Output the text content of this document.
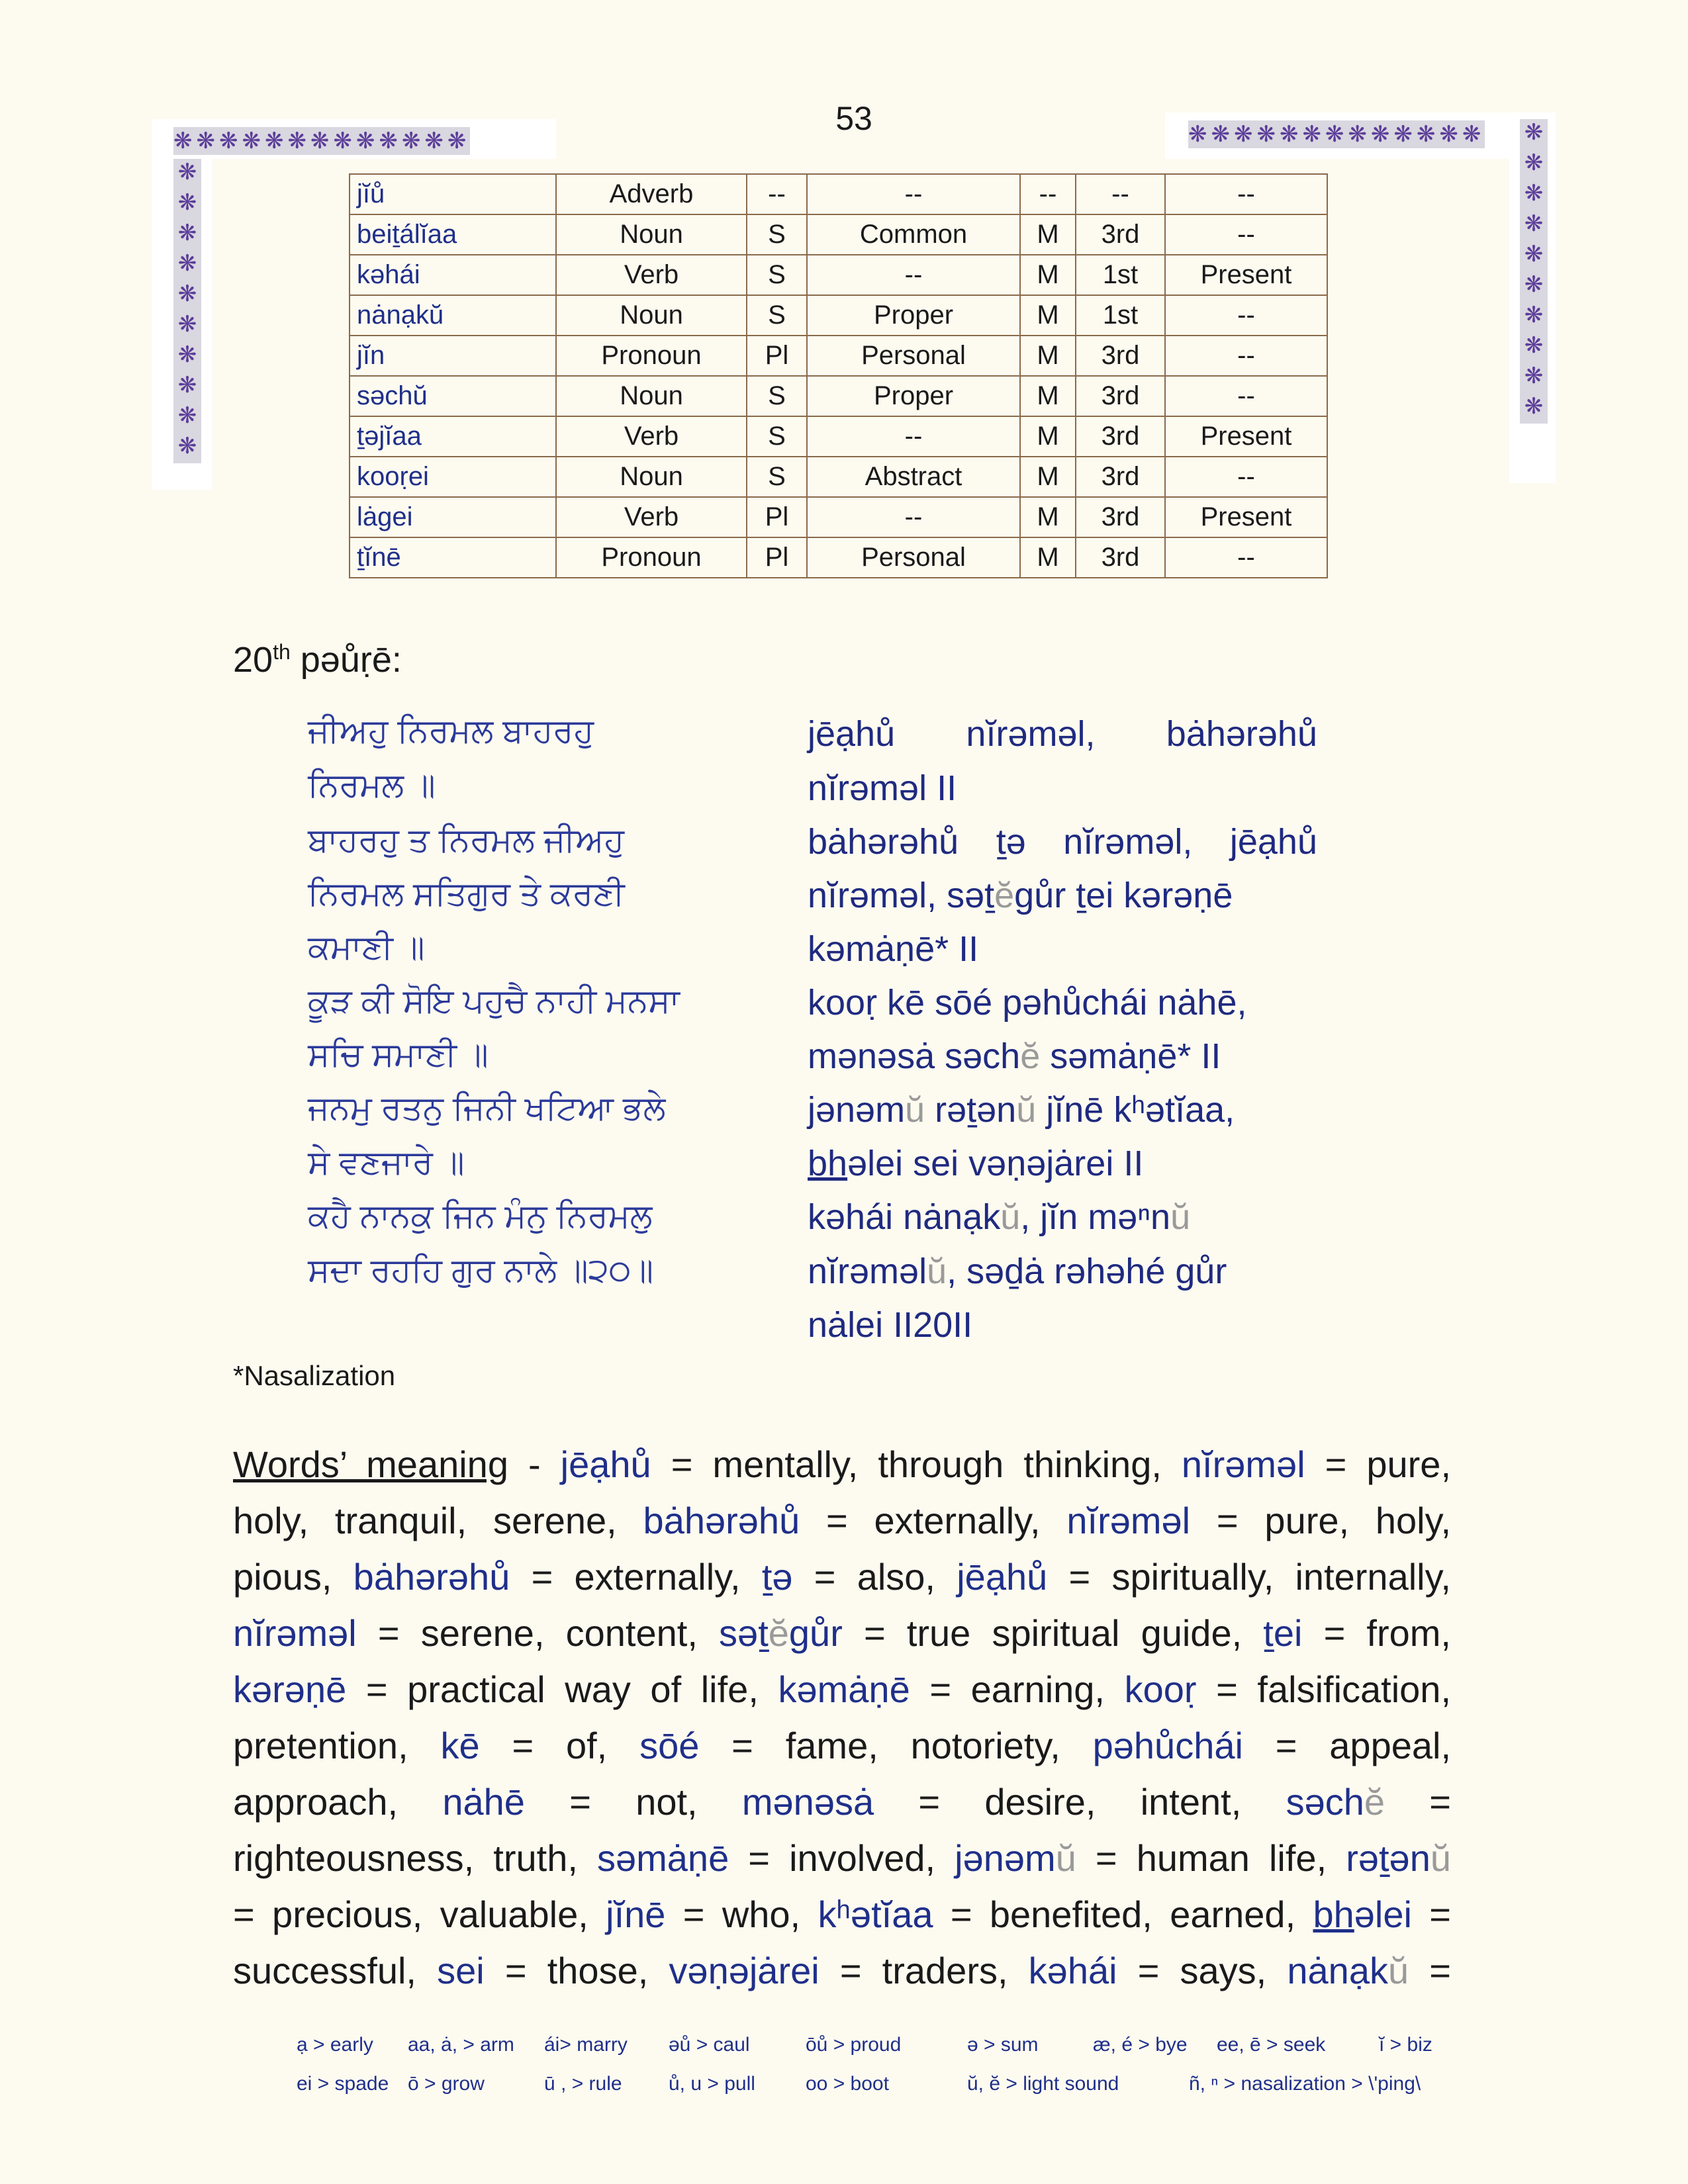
❋❋❋❋❋❋❋❋❋❋❋❋❋
❋❋❋❋❋❋❋❋❋❋
❋❋❋❋❋❋❋❋❋❋❋❋❋ ❋❋❋❋❋❋❋❋❋❋
53
jĭů	Adverb	--	--	--	--	--
beiṯálĭaa	Noun	S	Common	M	3rd	--
kəhái	Verb	S	--	M	1st	Present
nȧnạkŭ	Noun	S	Proper	M	1st	--
jĭn	Pronoun	Pl	Personal	M	3rd	--
səchŭ	Noun	S	Proper	M	3rd	--
ṯəjĭaa	Verb	S	--	M	3rd	Present
kooṛei	Noun	S	Abstract	M	3rd	--
lȧgei	Verb	Pl	--	M	3rd	Present
ṯĭnē	Pronoun	Pl	Personal	M	3rd	--
20th pəůṛē:
ਜੀਅਹੁ ਨਿਰਮਲ ਬਾਹਰਹੁ
ਨਿਰਮਲ ॥
ਬਾਹਰਹੁ ਤ ਨਿਰਮਲ ਜੀਅਹੁ
ਨਿਰਮਲ ਸਤਿਗੁਰ ਤੇ ਕਰਣੀ
ਕਮਾਣੀ ॥
ਕੂੜ ਕੀ ਸੋਇ ਪਹੁਚੈ ਨਾਹੀ ਮਨਸਾ
ਸਚਿ ਸਮਾਣੀ ॥
ਜਨਮੁ ਰਤਨੁ ਜਿਨੀ ਖਟਿਆ ਭਲੇ
ਸੇ ਵਣਜਾਰੇ ॥
ਕਹੈ ਨਾਨਕੁ ਜਿਨ ਮੰਨੁ ਨਿਰਮਲੁ
ਸਦਾ ਰਹਹਿ ਗੁਰ ਨਾਲੇ ॥੨੦॥
jēạhů nĭrəməl, bȧhərəhů
nĭrəməl II
bȧhərəhů ṯə nĭrəməl, jēạhů
nĭrəməl, səṯĕgůr ṯei kərəṇē
kəmȧṇē* II
kooṛ kē sōé pəhůchái nȧhē,
mənəsȧ səchĕ səmȧṇē* II
jənəmŭ rəṯənŭ jĭnē kʰətĭaa,
bhəlei sei vəṇəjȧrei II
kəhái nȧnạkŭ, jĭn məⁿnŭ
nĭrəməlŭ, səḏȧ rəhəhé gůr
nȧlei II20II
*Nasalization
Words’ meaning - jēạhů = mentally, through thinking, nĭrəməl = pure,
holy, tranquil, serene, bȧhərəhů = externally, nĭrəməl = pure, holy,
pious, bȧhərəhů = externally, ṯə = also, jēạhů = spiritually, internally,
nĭrəməl = serene, content, səṯĕgůr = true spiritual guide, ṯei = from,
kərəṇē = practical way of life, kəmȧṇē = earning, kooṛ = falsification,
pretention, kē = of, sōé = fame, notoriety, pəhůchái = appeal,
approach, nȧhē = not, mənəsȧ = desire, intent, səchĕ =
righteousness, truth, səmȧṇē = involved, jənəmŭ = human life, rəṯənŭ
= precious, valuable, jĭnē = who, kʰətĭaa = benefited, earned, bhəlei =
successful, sei = those, vəṇəjȧrei = traders, kəhái = says, nȧnạkŭ =
ạ > early aa, ȧ, > arm ái> marry əů > caul	ōů > proud	ə > sum	æ, é > bye ee, ē > seek	ĭ > biz
ei > spade ō > grow	ū , > rule ů, u > pull	oo > boot	ŭ, ĕ > light sound	ñ, ⁿ > nasalization > \'ping\
